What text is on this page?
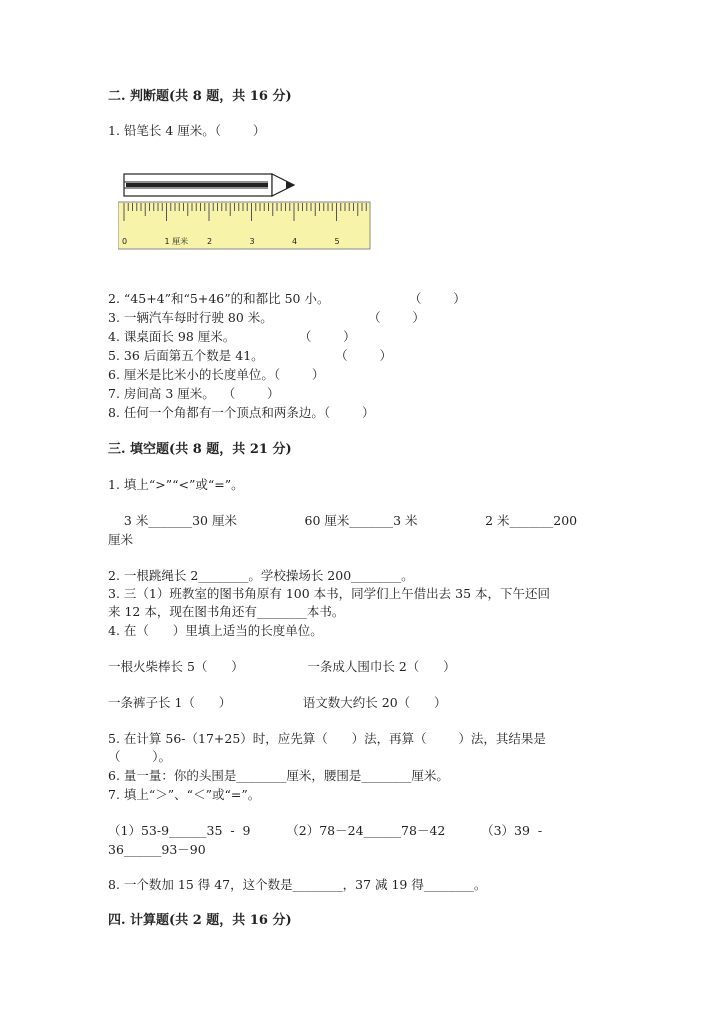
二. 判断题(共 8 题，共 16 分)
1. 铅笔长 4 厘米。（        ）
0	1 厘米 2	3	4	5
2. “45+4”和“5+46”的和都比 50 小。                    （        ）
3. 一辆汽车每时行驶 80 米。                        （        ）
4. 课桌面长 98 厘米。                （        ）
5. 36 后面第五个数是 41。                  （        ）
6. 厘米是比米小的长度单位。（        ）
7. 房间高 3 厘米。  （        ）
8. 任何一个角都有一个顶点和两条边。（        ）
三. 填空题(共 8 题，共 21 分)
1. 填上“>”“<”或“=”。
3 米_______30 厘米                 60 厘米_______3 米                 2 米_______200
厘米
2. 一根跳绳长 2________。学校操场长 200________。
3. 三（1）班教室的图书角原有 100 本书，同学们上午借出去 35 本，下午还回
来 12 本，现在图书角还有________本书。
4. 在（      ）里填上适当的长度单位。
一根火柴棒长 5（      ）                一条成人围巾长 2（      ）
一条裤子长 1（      ）                  语文数大约长 20（      ）
5. 在计算 56-（17+25）时，应先算（      ）法，再算（        ）法，其结果是
（        ）。
6. 量一量：你的头围是________厘米，腰围是________厘米。
7. 填上“＞”、“＜”或“=”。
（1）53-9______35  -  9         （2）78－24______78－42         （3）39  -
36______93－90
8. 一个数加 15 得 47，这个数是________，37 减 19 得________。
四. 计算题(共 2 题，共 16 分)
